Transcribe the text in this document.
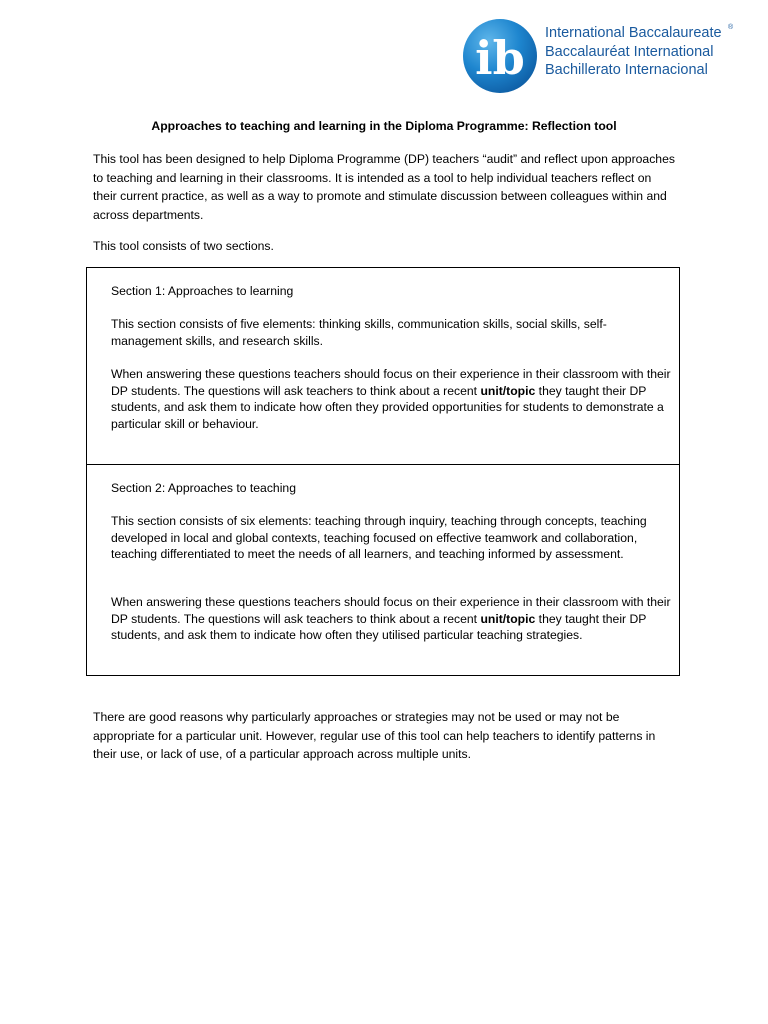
ib International Baccalaureate
Baccalauréat International
Bachillerato Internacional
®
Approaches to teaching and learning in the Diploma Programme: Reflection tool

This tool has been designed to help Diploma Programme (DP) teachers “audit” and reflect upon approaches to teaching and learning in their classrooms. It is intended as a tool to help individual teachers reflect on their current practice, as well as a way to promote and stimulate discussion between colleagues within and across departments.

This tool consists of two sections.

Section 1: Approaches to learning

This section consists of five elements: thinking skills, communication skills, social skills, self-management skills, and research skills.

When answering these questions teachers should focus on their experience in their classroom with their DP students. The questions will ask teachers to think about a recent unit/topic they taught their DP students, and ask them to indicate how often they provided opportunities for students to demonstrate a particular skill or behaviour.

Section 2: Approaches to teaching

This section consists of six elements: teaching through inquiry, teaching through concepts, teaching developed in local and global contexts, teaching focused on effective teamwork and collaboration, teaching differentiated to meet the needs of all learners, and teaching informed by assessment.

When answering these questions teachers should focus on their experience in their classroom with their DP students. The questions will ask teachers to think about a recent unit/topic they taught their DP students, and ask them to indicate how often they utilised particular teaching strategies.

There are good reasons why particularly approaches or strategies may not be used or may not be appropriate for a particular unit. However, regular use of this tool can help teachers to identify patterns in their use, or lack of use, of a particular approach across multiple units.
